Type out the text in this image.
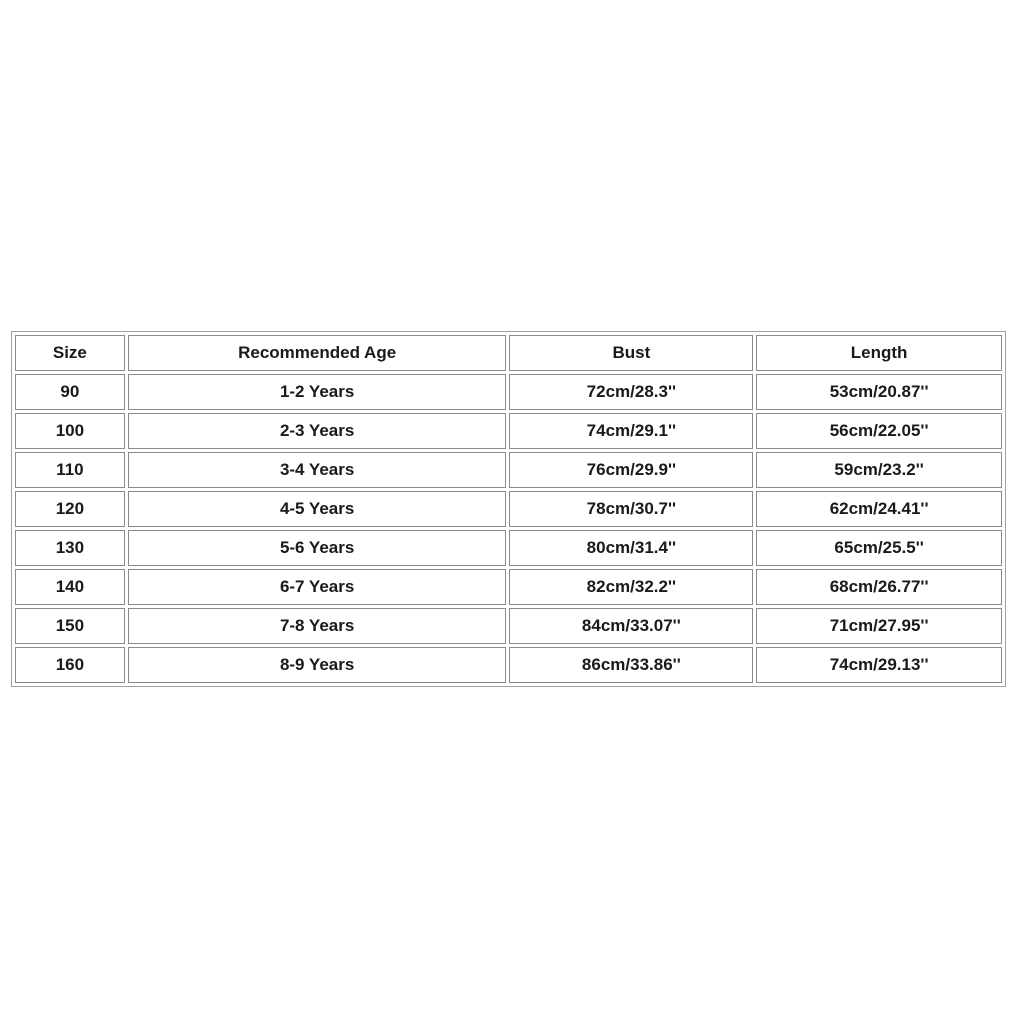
Size	Recommended Age	Bust	Length
90	1-2 Years	72cm/28.3''	53cm/20.87''
100	2-3 Years	74cm/29.1''	56cm/22.05''
110	3-4 Years	76cm/29.9''	59cm/23.2''
120	4-5 Years	78cm/30.7''	62cm/24.41''
130	5-6 Years	80cm/31.4''	65cm/25.5''
140	6-7 Years	82cm/32.2''	68cm/26.77''
150	7-8 Years	84cm/33.07''	71cm/27.95''
160	8-9 Years	86cm/33.86''	74cm/29.13''
